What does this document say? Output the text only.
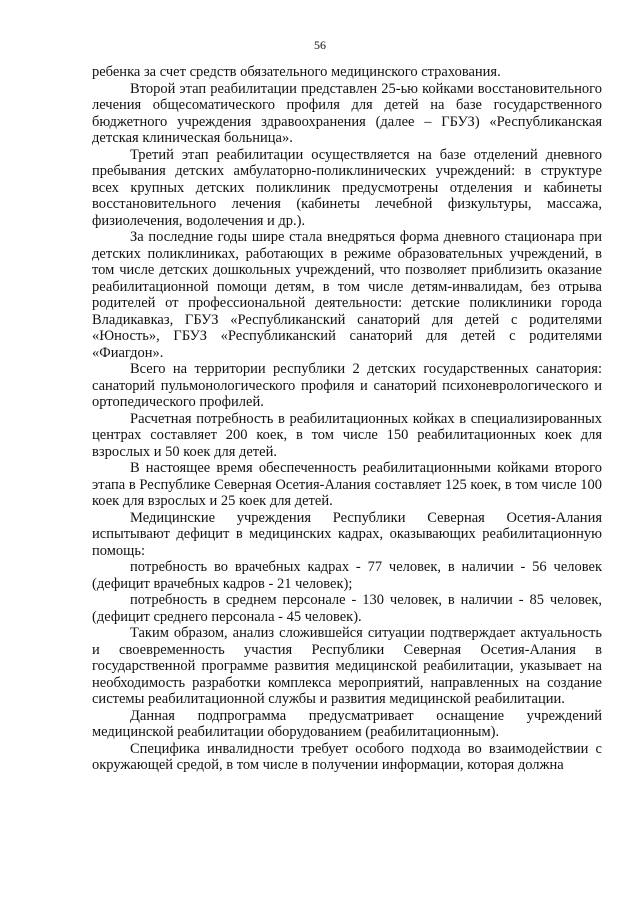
56

ребенка за счет средств обязательного медицинского страхования.

Второй этап реабилитации представлен 25-ью койками восстановительного лечения общесоматического профиля для детей на базе государственного бюджетного учреждения здравоохранения (далее – ГБУЗ) «Республиканская детская клиническая больница».

Третий этап реабилитации осуществляется на базе отделений дневного пребывания детских амбулаторно-поликлинических учреждений: в структуре всех крупных детских поликлиник предусмотрены отделения и кабинеты восстановительного лечения (кабинеты лечебной физкультуры, массажа, физиолечения, водолечения и др.).

За последние годы шире стала внедряться форма дневного стационара при детских поликлиниках, работающих в режиме образовательных учреждений, в том числе детских дошкольных учреждений, что позволяет приблизить оказание реабилитационной помощи детям, в том числе детям-инвалидам, без отрыва родителей от профессиональной деятельности: детские поликлиники города Владикавказ, ГБУЗ «Республиканский санаторий для детей с родителями «Юность», ГБУЗ «Республиканский санаторий для детей с родителями «Фиагдон».

Всего на территории республики 2 детских государственных санатория: санаторий пульмонологического профиля и санаторий психоневрологического и ортопедического профилей.

Расчетная потребность в реабилитационных койках в специализированных центрах составляет 200 коек, в том числе 150 реабилитационных коек для взрослых и 50 коек для детей.

В настоящее время обеспеченность реабилитационными койками второго этапа в Республике Северная Осетия-Алания составляет 125 коек, в том числе 100 коек для взрослых и 25 коек для детей.

Медицинские учреждения Республики Северная Осетия-Алания испытывают дефицит в медицинских кадрах, оказывающих реабилитационную помощь:

потребность во врачебных кадрах - 77 человек, в наличии - 56 человек (дефицит врачебных кадров - 21 человек);

потребность в среднем персонале - 130 человек, в наличии - 85 человек, (дефицит среднего персонала - 45 человек).

Таким образом, анализ сложившейся ситуации подтверждает актуальность и своевременность участия Республики Северная Осетия-Алания в государственной программе развития медицинской реабилитации, указывает на необходимость разработки комплекса мероприятий, направленных на создание системы реабилитационной службы и развития медицинской реабилитации.

Данная подпрограмма предусматривает оснащение учреждений медицинской реабилитации оборудованием (реабилитационным).

Специфика инвалидности требует особого подхода во взаимодействии с окружающей средой, в том числе в получении информации, которая должна
